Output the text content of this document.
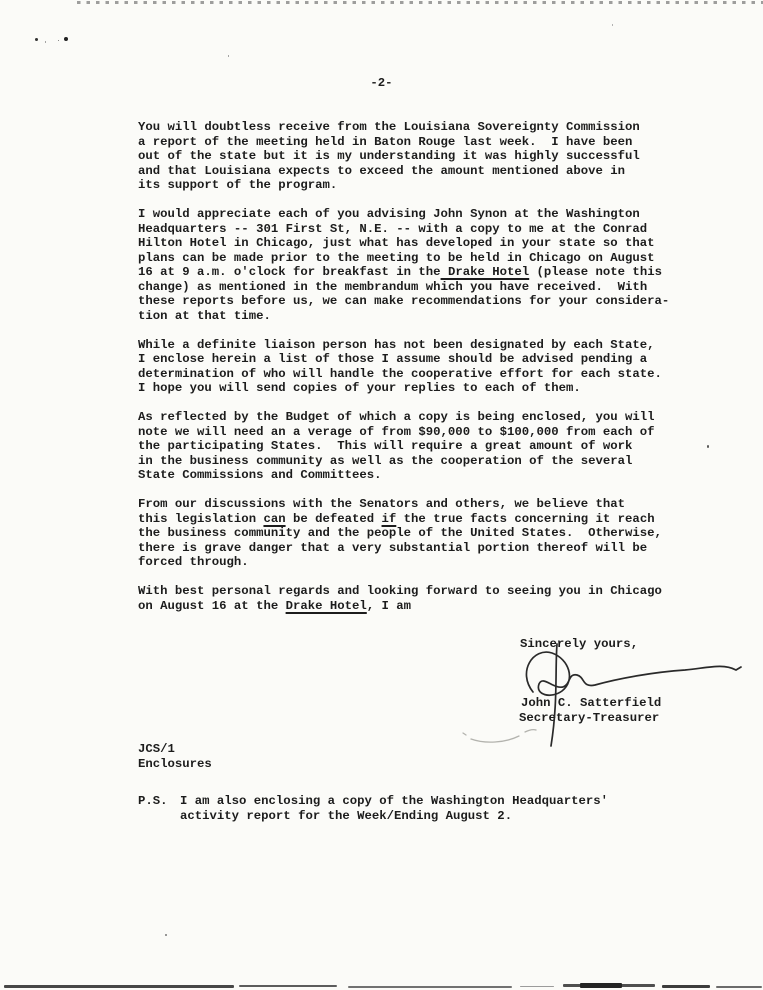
-2-
You will doubtless receive from the Louisiana Sovereignty Commission
a report of the meeting held in Baton Rouge last week.  I have been
out of the state but it is my understanding it was highly successful
and that Louisiana expects to exceed the amount mentioned above in
its support of the program.
I would appreciate each of you advising John Synon at the Washington
Headquarters -- 301 First St, N.E. -- with a copy to me at the Conrad
Hilton Hotel in Chicago, just what has developed in your state so that
plans can be made prior to the meeting to be held in Chicago on August
16 at 9 a.m. o'clock for breakfast in the Drake Hotel (please note this
change) as mentioned in the membrandum which you have received.  With
these reports before us, we can make recommendations for your considera-
tion at that time.
While a definite liaison person has not been designated by each State,
I enclose herein a list of those I assume should be advised pending a
determination of who will handle the cooperative effort for each state.
I hope you will send copies of your replies to each of them.
As reflected by the Budget of which a copy is being enclosed, you will
note we will need an a verage of from $90,000 to $100,000 from each of
the participating States.  This will require a great amount of work
in the business community as well as the cooperation of the several
State Commissions and Committees.
From our discussions with the Senators and others, we believe that
this legislation can be defeated if the true facts concerning it reach
the business community and the people of the United States.  Otherwise,
there is grave danger that a very substantial portion thereof will be
forced through.
With best personal regards and looking forward to seeing you in Chicago
on August 16 at the Drake Hotel, I am
Sincerely yours,
John C. Satterfield
Secretary-Treasurer
JCS/1
Enclosures
P.S.	I am also enclosing a copy of the Washington Headquarters'
activity report for the Week/Ending August 2.
